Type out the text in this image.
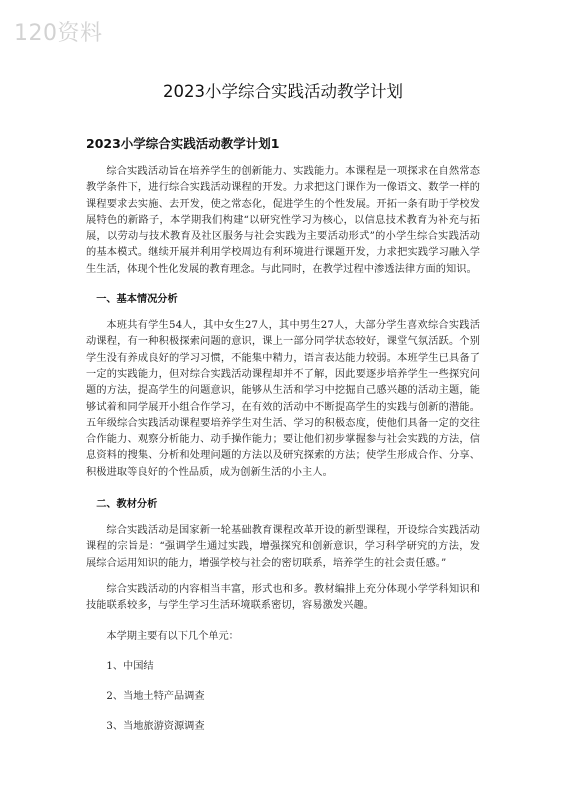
120资料
2023小学综合实践活动教学计划
2023小学综合实践活动教学计划1

综合实践活动旨在培养学生的创新能力、实践能力。本课程是一项探求在自然常态教学条件下，进行综合实践活动课程的开发。力求把这门课作为一像语文、数学一样的课程要求去实施、去开发，使之常态化，促进学生的个性发展。开拓一条有助于学校发展特色的新路子，本学期我们构建“以研究性学习为核心，以信息技术教育为补充与拓展，以劳动与技术教育及社区服务与社会实践为主要活动形式”的小学生综合实践活动的基本模式。继续开展并利用学校周边有利环境进行课题开发，力求把实践学习融入学生生活，体现个性化发展的教育理念。与此同时，在教学过程中渗透法律方面的知识。

一、基本情况分析

本班共有学生54人，其中女生27人，其中男生27人，大部分学生喜欢综合实践活动课程，有一种积极探索问题的意识，课上一部分同学状态较好，课堂气氛活跃。个别学生没有养成良好的学习习惯，不能集中精力，语言表达能力较弱。本班学生已具备了一定的实践能力，但对综合实践活动课程却并不了解，因此要逐步培养学生一些探究问题的方法，提高学生的问题意识，能够从生活和学习中挖掘自己感兴趣的活动主题，能够试着和同学展开小组合作学习，在有效的活动中不断提高学生的实践与创新的潜能。五年级综合实践活动课程要培养学生对生活、学习的积极态度，使他们具备一定的交往合作能力、观察分析能力、动手操作能力；要让他们初步掌握参与社会实践的方法，信息资料的搜集、分析和处理问题的方法以及研究探索的方法；使学生形成合作、分享、积极进取等良好的个性品质，成为创新生活的小主人。

二、教材分析

综合实践活动是国家新一轮基础教育课程改革开设的新型课程，开设综合实践活动课程的宗旨是：“强调学生通过实践，增强探究和创新意识，学习科学研究的方法，发展综合运用知识的能力，增强学校与社会的密切联系，培养学生的社会责任感。”

综合实践活动的内容相当丰富，形式也和多。教材编排上充分体现小学学科知识和技能联系较多，与学生学习生活环境联系密切，容易激发兴趣。

本学期主要有以下几个单元：

1、中国结

2、当地土特产品调查

3、当地旅游资源调查
